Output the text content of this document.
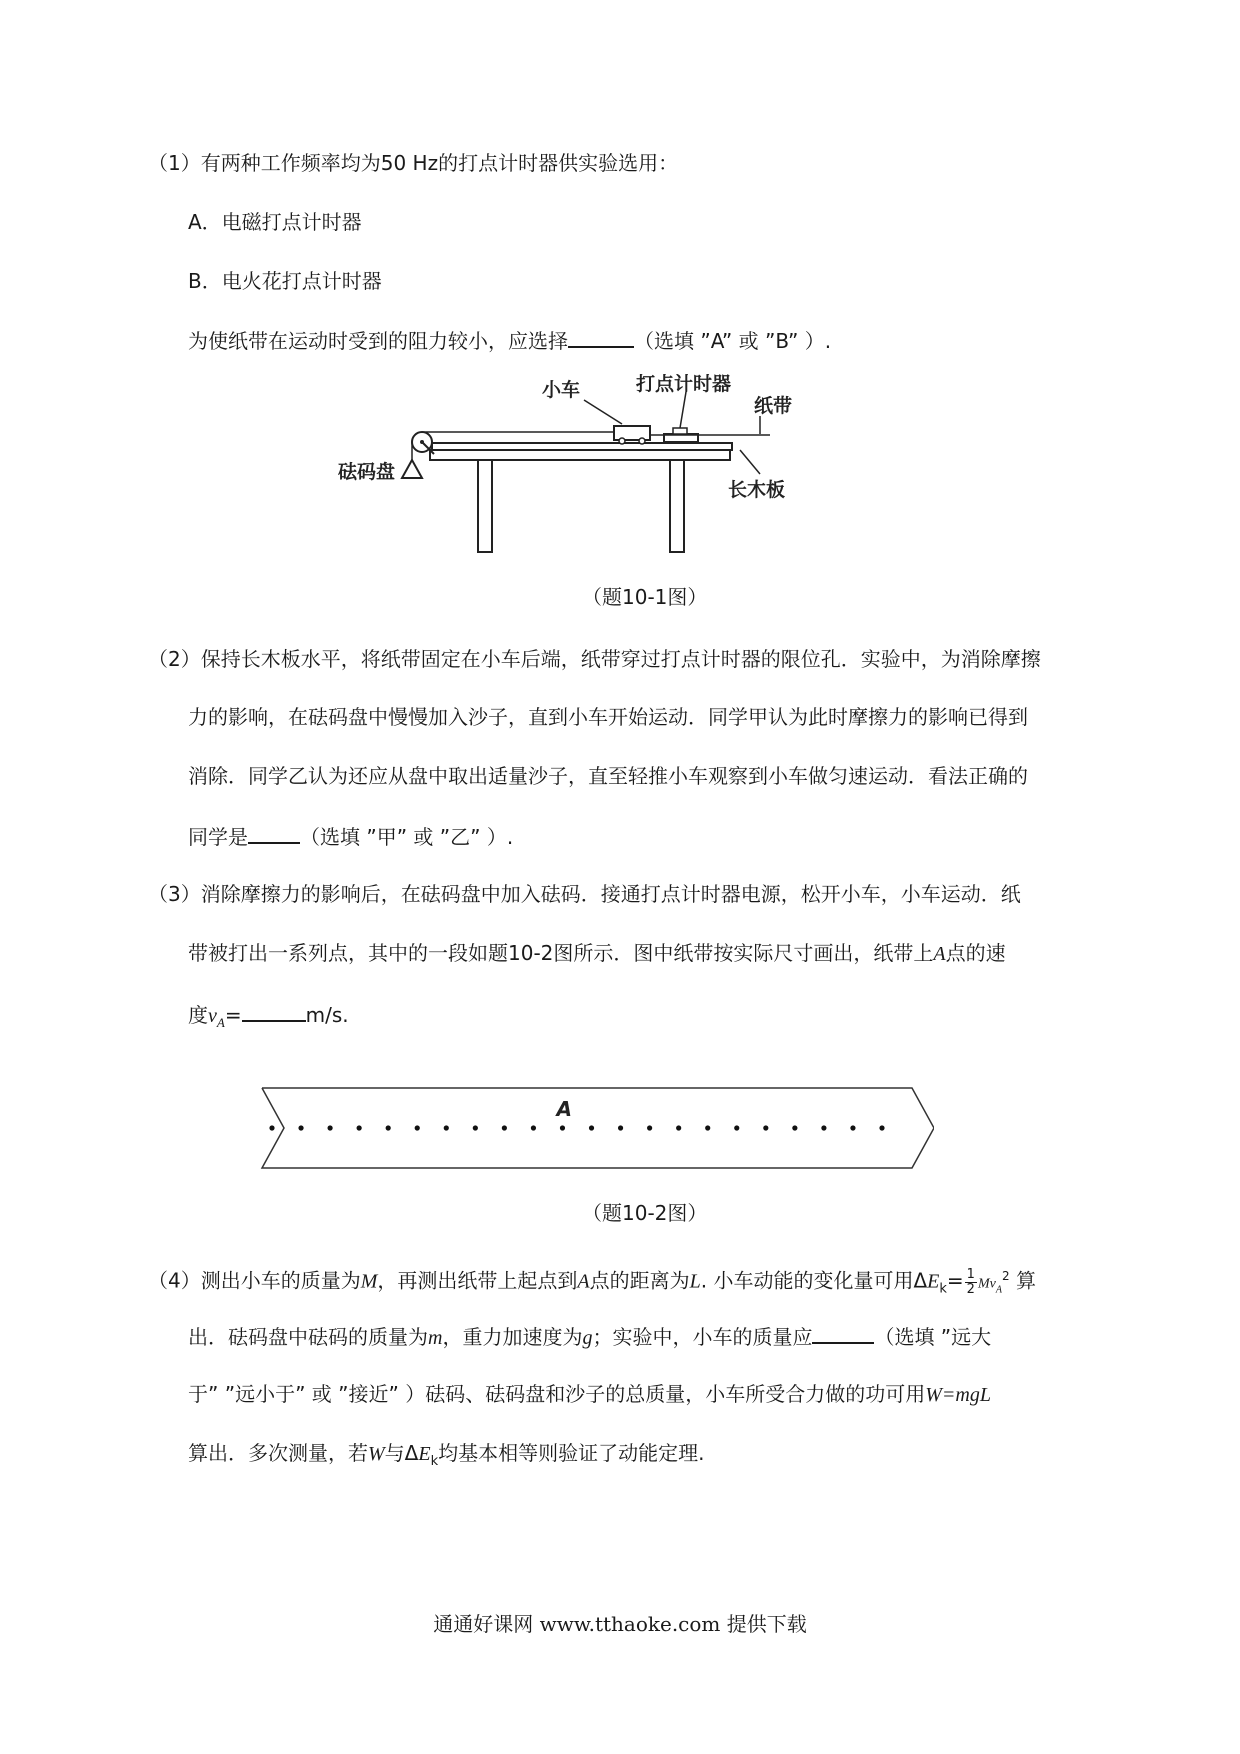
（1）有两种工作频率均为50 Hz的打点计时器供实验选用：
A．电磁打点计时器
B．电火花打点计时器
为使纸带在运动时受到的阻力较小，应选择	（选填 ”A” 或 ”B” ）.
小车	打点计时器
纸带
砝码盘
长木板
（题10-1图）
（2）保持长木板水平，将纸带固定在小车后端，纸带穿过打点计时器的限位孔．实验中，为消除摩擦
力的影响，在砝码盘中慢慢加入沙子，直到小车开始运动．同学甲认为此时摩擦力的影响已得到
消除．同学乙认为还应从盘中取出适量沙子，直至轻推小车观察到小车做匀速运动．看法正确的
同学是	（选填 ”甲” 或 ”乙” ）.
（3）消除摩擦力的影响后，在砝码盘中加入砝码．接通打点计时器电源，松开小车，小车运动．纸
带被打出一系列点，其中的一段如题10-2图所示．图中纸带按实际尺寸画出，纸带上A点的速
度$v_A=$	m/s.
A
（题10-2图）
（4）测出小车的质量为M，再测出纸带上起点到A点的距离为L. 小车动能的变化量可用$\Delta E_k= \frac{1}{2} Mv_A^2$ 算
出．砝码盘中砝码的质量为m，重力加速度为g；实验中，小车的质量应	（选填 ”远大
于” ”远小于” 或 ”接近” ）砝码、砝码盘和沙子的总质量，小车所受合力做的功可用W=mgL
算出．多次测量，若W与$\Delta E_k$均基本相等则验证了动能定理.
通通好课网 www.tthaoke.com 提供下载
